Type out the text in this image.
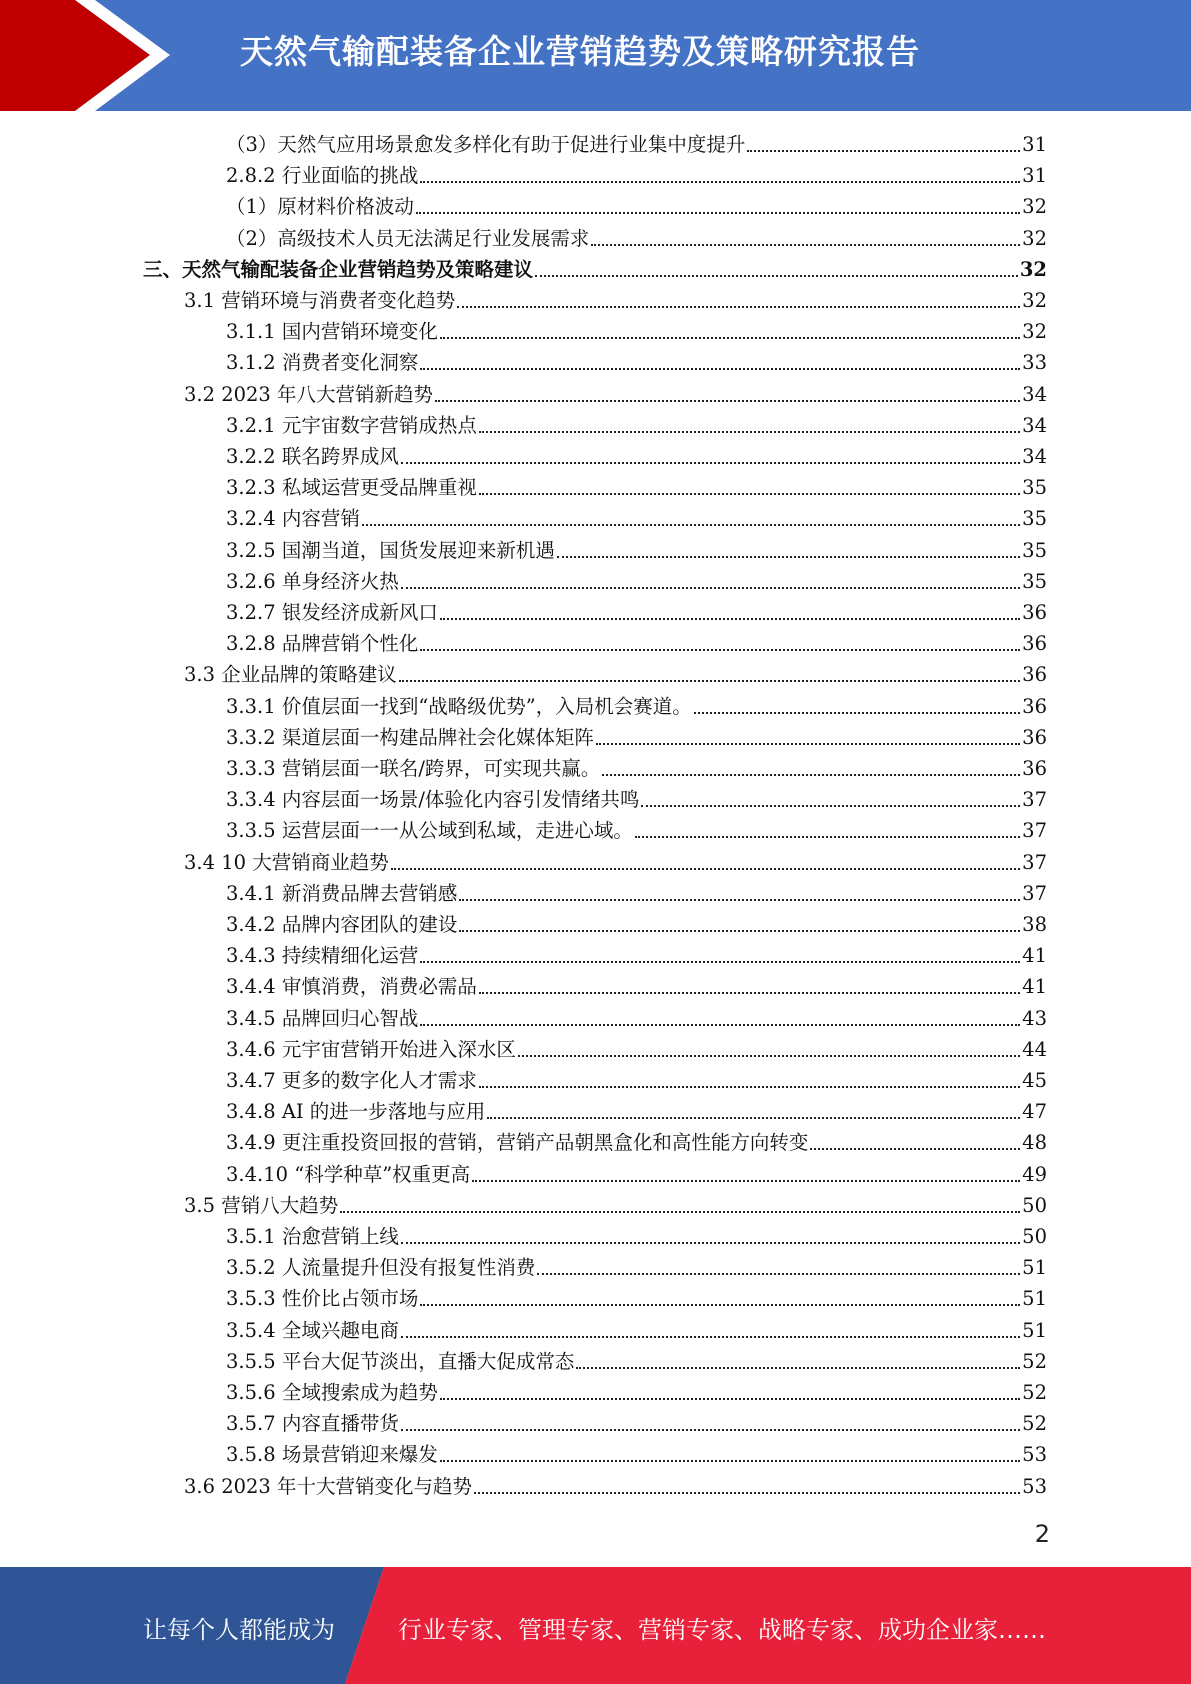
天然气输配装备企业营销趋势及策略研究报告
（3）天然气应用场景愈发多样化有助于促进行业集中度提升	31
2.8.2 行业面临的挑战	31
（1）原材料价格波动	32
（2）高级技术人员无法满足行业发展需求	32
三、天然气输配装备企业营销趋势及策略建议	32
3.1 营销环境与消费者变化趋势	32
3.1.1 国内营销环境变化	32
3.1.2 消费者变化洞察	33
3.2 2023 年八大营销新趋势	34
3.2.1 元宇宙数字营销成热点	34
3.2.2 联名跨界成风	34
3.2.3 私域运营更受品牌重视	35
3.2.4 内容营销	35
3.2.5 国潮当道，国货发展迎来新机遇	35
3.2.6 单身经济火热	35
3.2.7 银发经济成新风口	36
3.2.8 品牌营销个性化	36
3.3 企业品牌的策略建议	36
3.3.1 价值层面一找到“战略级优势”，入局机会赛道。	36
3.3.2 渠道层面一构建品牌社会化媒体矩阵	36
3.3.3 营销层面一联名/跨界，可实现共赢。	36
3.3.4 内容层面一场景/体验化内容引发情绪共鸣	37
3.3.5 运营层面一一从公域到私域，走进心域。	37
3.4 10 大营销商业趋势	37
3.4.1 新消费品牌去营销感	37
3.4.2 品牌内容团队的建设	38
3.4.3 持续精细化运营	41
3.4.4 审慎消费，消费必需品	41
3.4.5 品牌回归心智战	43
3.4.6 元宇宙营销开始进入深水区	44
3.4.7 更多的数字化人才需求	45
3.4.8 AI 的进一步落地与应用	47
3.4.9 更注重投资回报的营销，营销产品朝黑盒化和高性能方向转变	48
3.4.10 “科学种草”权重更高	49
3.5 营销八大趋势	50
3.5.1 治愈营销上线	50
3.5.2 人流量提升但没有报复性消费	51
3.5.3 性价比占领市场	51
3.5.4 全域兴趣电商	51
3.5.5 平台大促节淡出，直播大促成常态	52
3.5.6 全域搜索成为趋势	52
3.5.7 内容直播带货	52
3.5.8 场景营销迎来爆发	53
3.6 2023 年十大营销变化与趋势	53
2
让每个人都能成为	行业专家、管理专家、营销专家、战略专家、成功企业家……
